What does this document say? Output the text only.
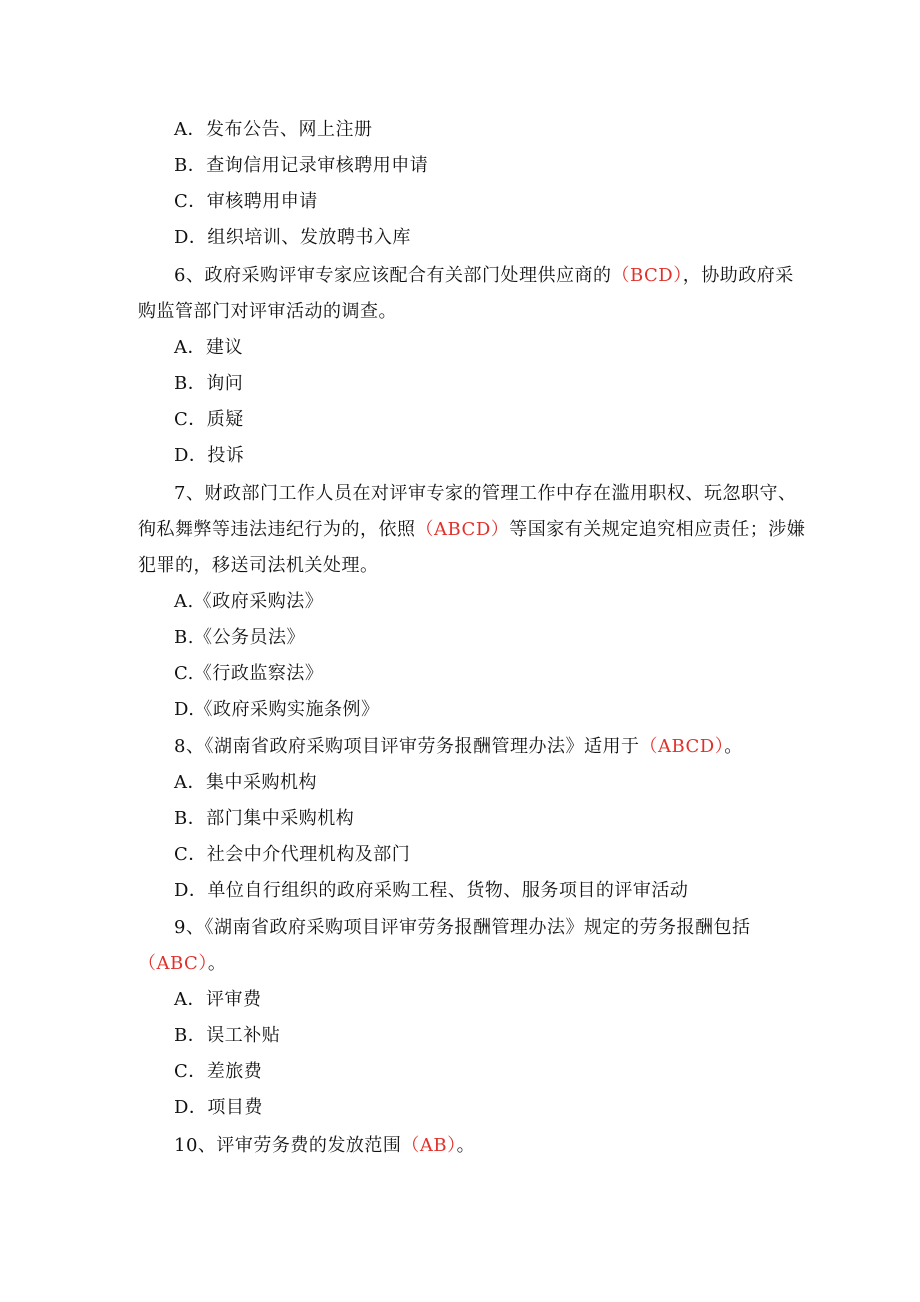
A．发布公告、网上注册
B．查询信用记录审核聘用申请
C．审核聘用申请
D．组织培训、发放聘书入库
6、政府采购评审专家应该配合有关部门处理供应商的（BCD），协助政府采
购监管部门对评审活动的调查。
A．建议
B．询问
C．质疑
D．投诉
7、财政部门工作人员在对评审专家的管理工作中存在滥用职权、玩忽职守、
徇私舞弊等违法违纪行为的，依照（ABCD）等国家有关规定追究相应责任；涉嫌
犯罪的，移送司法机关处理。
A.《政府采购法》
B.《公务员法》
C.《行政监察法》
D.《政府采购实施条例》
8、《湖南省政府采购项目评审劳务报酬管理办法》适用于（ABCD）。
A．集中采购机构
B．部门集中采购机构
C．社会中介代理机构及部门
D．单位自行组织的政府采购工程、货物、服务项目的评审活动
9、《湖南省政府采购项目评审劳务报酬管理办法》规定的劳务报酬包括
（ABC）。
A．评审费
B．误工补贴
C．差旅费
D．项目费
10、评审劳务费的发放范围（AB）。
